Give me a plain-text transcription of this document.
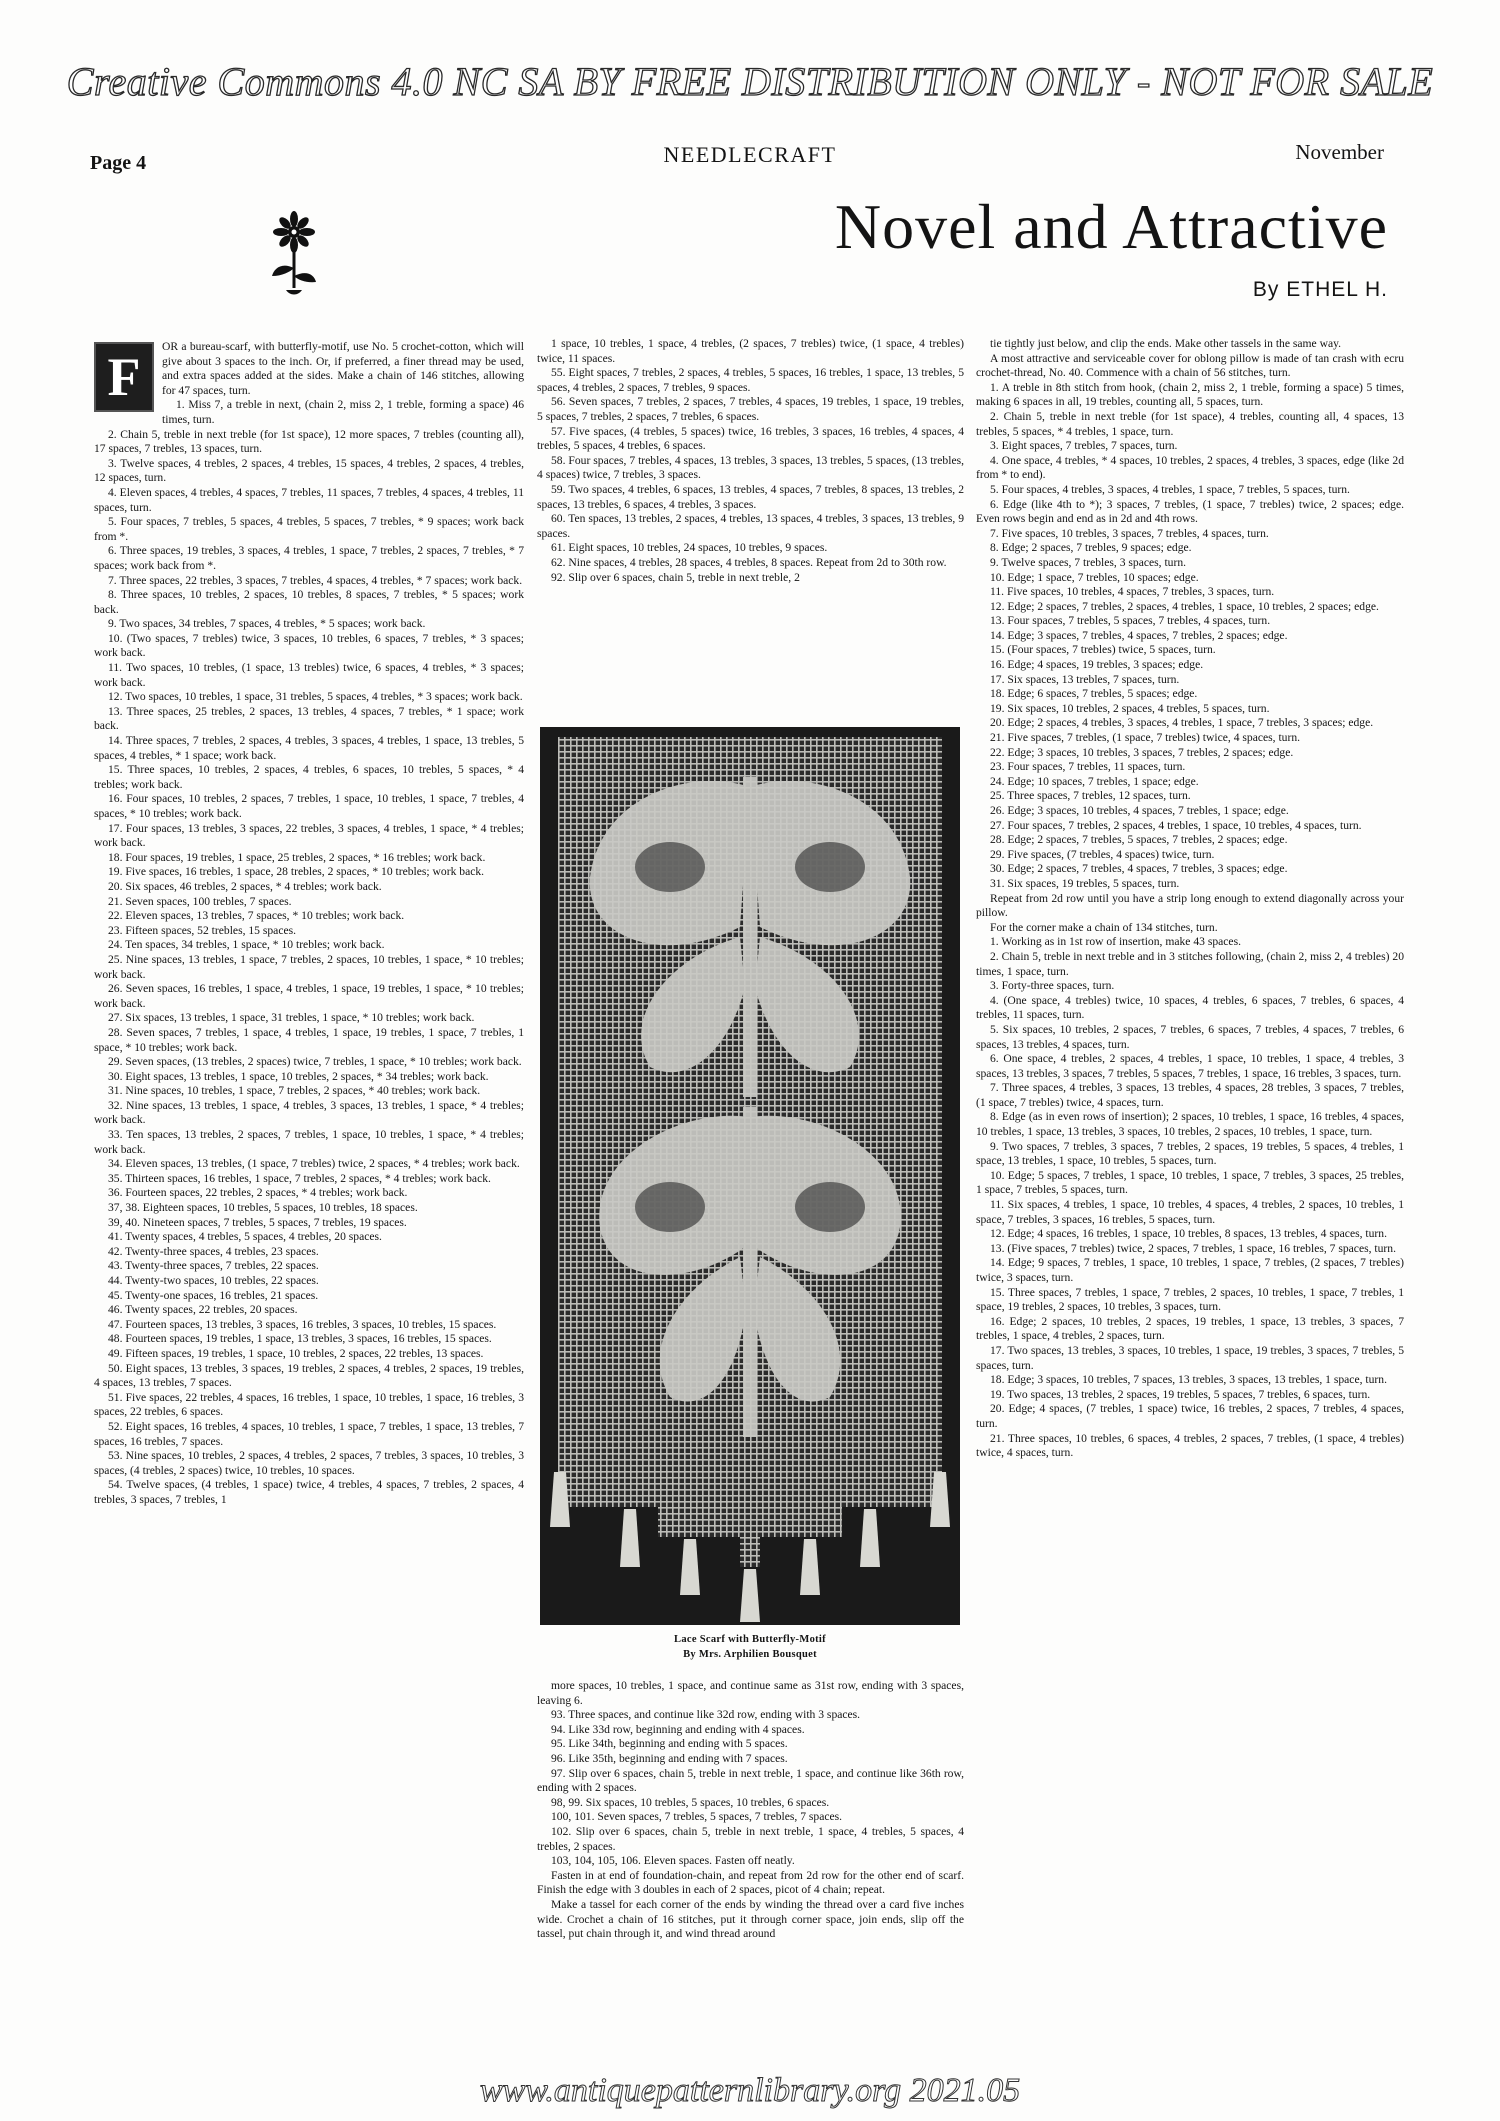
Creative Commons 4.0 NC SA BY FREE DISTRIBUTION ONLY - NOT FOR SALE
Page 4	NEEDLECRAFT	November
Novel and Attractive
By ETHEL H.

F
OR a bureau-scarf, with butterfly-motif, use No. 5 crochet-cotton, which will give about 3 spaces to the inch. Or, if preferred, a finer thread may be used, and extra spaces added at the sides. Make a chain of 146 stitches, allowing for 47 spaces, turn.

1. Miss 7, a treble in next, (chain 2, miss 2, 1 treble, forming a space) 46 times, turn.

2. Chain 5, treble in next treble (for 1st space), 12 more spaces, 7 trebles (counting all), 17 spaces, 7 trebles, 13 spaces, turn.

3. Twelve spaces, 4 trebles, 2 spaces, 4 trebles, 15 spaces, 4 trebles, 2 spaces, 4 trebles, 12 spaces, turn.

4. Eleven spaces, 4 trebles, 4 spaces, 7 trebles, 11 spaces, 7 trebles, 4 spaces, 4 trebles, 11 spaces, turn.

5. Four spaces, 7 trebles, 5 spaces, 4 trebles, 5 spaces, 7 trebles, * 9 spaces; work back from *.

6. Three spaces, 19 trebles, 3 spaces, 4 trebles, 1 space, 7 trebles, 2 spaces, 7 trebles, * 7 spaces; work back from *.

7. Three spaces, 22 trebles, 3 spaces, 7 trebles, 4 spaces, 4 trebles, * 7 spaces; work back.

8. Three spaces, 10 trebles, 2 spaces, 10 trebles, 8 spaces, 7 trebles, * 5 spaces; work back.

9. Two spaces, 34 trebles, 7 spaces, 4 trebles, * 5 spaces; work back.

10. (Two spaces, 7 trebles) twice, 3 spaces, 10 trebles, 6 spaces, 7 trebles, * 3 spaces; work back.

11. Two spaces, 10 trebles, (1 space, 13 trebles) twice, 6 spaces, 4 trebles, * 3 spaces; work back.

12. Two spaces, 10 trebles, 1 space, 31 trebles, 5 spaces, 4 trebles, * 3 spaces; work back.

13. Three spaces, 25 trebles, 2 spaces, 13 trebles, 4 spaces, 7 trebles, * 1 space; work back.

14. Three spaces, 7 trebles, 2 spaces, 4 trebles, 3 spaces, 4 trebles, 1 space, 13 trebles, 5 spaces, 4 trebles, * 1 space; work back.

15. Three spaces, 10 trebles, 2 spaces, 4 trebles, 6 spaces, 10 trebles, 5 spaces, * 4 trebles; work back.

16. Four spaces, 10 trebles, 2 spaces, 7 trebles, 1 space, 10 trebles, 1 space, 7 trebles, 4 spaces, * 10 trebles; work back.

17. Four spaces, 13 trebles, 3 spaces, 22 trebles, 3 spaces, 4 trebles, 1 space, * 4 trebles; work back.

18. Four spaces, 19 trebles, 1 space, 25 trebles, 2 spaces, * 16 trebles; work back.

19. Five spaces, 16 trebles, 1 space, 28 trebles, 2 spaces, * 10 trebles; work back.

20. Six spaces, 46 trebles, 2 spaces, * 4 trebles; work back.

21. Seven spaces, 100 trebles, 7 spaces.

22. Eleven spaces, 13 trebles, 7 spaces, * 10 trebles; work back.

23. Fifteen spaces, 52 trebles, 15 spaces.

24. Ten spaces, 34 trebles, 1 space, * 10 trebles; work back.

25. Nine spaces, 13 trebles, 1 space, 7 trebles, 2 spaces, 10 trebles, 1 space, * 10 trebles; work back.

26. Seven spaces, 16 trebles, 1 space, 4 trebles, 1 space, 19 trebles, 1 space, * 10 trebles; work back.

27. Six spaces, 13 trebles, 1 space, 31 trebles, 1 space, * 10 trebles; work back.

28. Seven spaces, 7 trebles, 1 space, 4 trebles, 1 space, 19 trebles, 1 space, 7 trebles, 1 space, * 10 trebles; work back.

29. Seven spaces, (13 trebles, 2 spaces) twice, 7 trebles, 1 space, * 10 trebles; work back.

30. Eight spaces, 13 trebles, 1 space, 10 trebles, 2 spaces, * 34 trebles; work back.

31. Nine spaces, 10 trebles, 1 space, 7 trebles, 2 spaces, * 40 trebles; work back.

32. Nine spaces, 13 trebles, 1 space, 4 trebles, 3 spaces, 13 trebles, 1 space, * 4 trebles; work back.

33. Ten spaces, 13 trebles, 2 spaces, 7 trebles, 1 space, 10 trebles, 1 space, * 4 trebles; work back.

34. Eleven spaces, 13 trebles, (1 space, 7 trebles) twice, 2 spaces, * 4 trebles; work back.

35. Thirteen spaces, 16 trebles, 1 space, 7 trebles, 2 spaces, * 4 trebles; work back.

36. Fourteen spaces, 22 trebles, 2 spaces, * 4 trebles; work back.

37, 38. Eighteen spaces, 10 trebles, 5 spaces, 10 trebles, 18 spaces.

39, 40. Nineteen spaces, 7 trebles, 5 spaces, 7 trebles, 19 spaces.

41. Twenty spaces, 4 trebles, 5 spaces, 4 trebles, 20 spaces.

42. Twenty-three spaces, 4 trebles, 23 spaces.

43. Twenty-three spaces, 7 trebles, 22 spaces.

44. Twenty-two spaces, 10 trebles, 22 spaces.

45. Twenty-one spaces, 16 trebles, 21 spaces.

46. Twenty spaces, 22 trebles, 20 spaces.

47. Fourteen spaces, 13 trebles, 3 spaces, 16 trebles, 3 spaces, 10 trebles, 15 spaces.

48. Fourteen spaces, 19 trebles, 1 space, 13 trebles, 3 spaces, 16 trebles, 15 spaces.

49. Fifteen spaces, 19 trebles, 1 space, 10 trebles, 2 spaces, 22 trebles, 13 spaces.

50. Eight spaces, 13 trebles, 3 spaces, 19 trebles, 2 spaces, 4 trebles, 2 spaces, 19 trebles, 4 spaces, 13 trebles, 7 spaces.

51. Five spaces, 22 trebles, 4 spaces, 16 trebles, 1 space, 10 trebles, 1 space, 16 trebles, 3 spaces, 22 trebles, 6 spaces.

52. Eight spaces, 16 trebles, 4 spaces, 10 trebles, 1 space, 7 trebles, 1 space, 13 trebles, 7 spaces, 16 trebles, 7 spaces.

53. Nine spaces, 10 trebles, 2 spaces, 4 trebles, 2 spaces, 7 trebles, 3 spaces, 10 trebles, 3 spaces, (4 trebles, 2 spaces) twice, 10 trebles, 10 spaces.

54. Twelve spaces, (4 trebles, 1 space) twice, 4 trebles, 4 spaces, 7 trebles, 2 spaces, 4 trebles, 3 spaces, 7 trebles, 1

1 space, 10 trebles, 1 space, 4 trebles, (2 spaces, 7 trebles) twice, (1 space, 4 trebles) twice, 11 spaces.

55. Eight spaces, 7 trebles, 2 spaces, 4 trebles, 5 spaces, 16 trebles, 1 space, 13 trebles, 5 spaces, 4 trebles, 2 spaces, 7 trebles, 9 spaces.

56. Seven spaces, 7 trebles, 2 spaces, 7 trebles, 4 spaces, 19 trebles, 1 space, 19 trebles, 5 spaces, 7 trebles, 2 spaces, 7 trebles, 6 spaces.

57. Five spaces, (4 trebles, 5 spaces) twice, 16 trebles, 3 spaces, 16 trebles, 4 spaces, 4 trebles, 5 spaces, 4 trebles, 6 spaces.

58. Four spaces, 7 trebles, 4 spaces, 13 trebles, 3 spaces, 13 trebles, 5 spaces, (13 trebles, 4 spaces) twice, 7 trebles, 3 spaces.

59. Two spaces, 4 trebles, 6 spaces, 13 trebles, 4 spaces, 7 trebles, 8 spaces, 13 trebles, 2 spaces, 13 trebles, 6 spaces, 4 trebles, 3 spaces.

60. Ten spaces, 13 trebles, 2 spaces, 4 trebles, 13 spaces, 4 trebles, 3 spaces, 13 trebles, 9 spaces.

61. Eight spaces, 10 trebles, 24 spaces, 10 trebles, 9 spaces.

62. Nine spaces, 4 trebles, 28 spaces, 4 trebles, 8 spaces. Repeat from 2d to 30th row.

92. Slip over 6 spaces, chain 5, treble in next treble, 2

Lace Scarf with Butterfly-Motif
By Mrs. Arphilien Bousquet

more spaces, 10 trebles, 1 space, and continue same as 31st row, ending with 3 spaces, leaving 6.

93. Three spaces, and continue like 32d row, ending with 3 spaces.

94. Like 33d row, beginning and ending with 4 spaces.

95. Like 34th, beginning and ending with 5 spaces.

96. Like 35th, beginning and ending with 7 spaces.

97. Slip over 6 spaces, chain 5, treble in next treble, 1 space, and continue like 36th row, ending with 2 spaces.

98, 99. Six spaces, 10 trebles, 5 spaces, 10 trebles, 6 spaces.

100, 101. Seven spaces, 7 trebles, 5 spaces, 7 trebles, 7 spaces.

102. Slip over 6 spaces, chain 5, treble in next treble, 1 space, 4 trebles, 5 spaces, 4 trebles, 2 spaces.

103, 104, 105, 106. Eleven spaces. Fasten off neatly.

Fasten in at end of foundation-chain, and repeat from 2d row for the other end of scarf. Finish the edge with 3 doubles in each of 2 spaces, picot of 4 chain; repeat.

Make a tassel for each corner of the ends by winding the thread over a card five inches wide. Crochet a chain of 16 stitches, put it through corner space, join ends, slip off the tassel, put chain through it, and wind thread around

tie tightly just below, and clip the ends. Make other tassels in the same way.

A most attractive and serviceable cover for oblong pillow is made of tan crash with ecru crochet-thread, No. 40. Commence with a chain of 56 stitches, turn.

1. A treble in 8th stitch from hook, (chain 2, miss 2, 1 treble, forming a space) 5 times, making 6 spaces in all, 19 trebles, counting all, 5 spaces, turn.

2. Chain 5, treble in next treble (for 1st space), 4 trebles, counting all, 4 spaces, 13 trebles, 5 spaces, * 4 trebles, 1 space, turn.

3. Eight spaces, 7 trebles, 7 spaces, turn.

4. One space, 4 trebles, * 4 spaces, 10 trebles, 2 spaces, 4 trebles, 3 spaces, edge (like 2d from * to end).

5. Four spaces, 4 trebles, 3 spaces, 4 trebles, 1 space, 7 trebles, 5 spaces, turn.

6. Edge (like 4th to *); 3 spaces, 7 trebles, (1 space, 7 trebles) twice, 2 spaces; edge. Even rows begin and end as in 2d and 4th rows.

7. Five spaces, 10 trebles, 3 spaces, 7 trebles, 4 spaces, turn.

8. Edge; 2 spaces, 7 trebles, 9 spaces; edge.

9. Twelve spaces, 7 trebles, 3 spaces, turn.

10. Edge; 1 space, 7 trebles, 10 spaces; edge.

11. Five spaces, 10 trebles, 4 spaces, 7 trebles, 3 spaces, turn.

12. Edge; 2 spaces, 7 trebles, 2 spaces, 4 trebles, 1 space, 10 trebles, 2 spaces; edge.

13. Four spaces, 7 trebles, 5 spaces, 7 trebles, 4 spaces, turn.

14. Edge; 3 spaces, 7 trebles, 4 spaces, 7 trebles, 2 spaces; edge.

15. (Four spaces, 7 trebles) twice, 5 spaces, turn.

16. Edge; 4 spaces, 19 trebles, 3 spaces; edge.

17. Six spaces, 13 trebles, 7 spaces, turn.

18. Edge; 6 spaces, 7 trebles, 5 spaces; edge.

19. Six spaces, 10 trebles, 2 spaces, 4 trebles, 5 spaces, turn.

20. Edge; 2 spaces, 4 trebles, 3 spaces, 4 trebles, 1 space, 7 trebles, 3 spaces; edge.

21. Five spaces, 7 trebles, (1 space, 7 trebles) twice, 4 spaces, turn.

22. Edge; 3 spaces, 10 trebles, 3 spaces, 7 trebles, 2 spaces; edge.

23. Four spaces, 7 trebles, 11 spaces, turn.

24. Edge; 10 spaces, 7 trebles, 1 space; edge.

25. Three spaces, 7 trebles, 12 spaces, turn.

26. Edge; 3 spaces, 10 trebles, 4 spaces, 7 trebles, 1 space; edge.

27. Four spaces, 7 trebles, 2 spaces, 4 trebles, 1 space, 10 trebles, 4 spaces, turn.

28. Edge; 2 spaces, 7 trebles, 5 spaces, 7 trebles, 2 spaces; edge.

29. Five spaces, (7 trebles, 4 spaces) twice, turn.

30. Edge; 2 spaces, 7 trebles, 4 spaces, 7 trebles, 3 spaces; edge.

31. Six spaces, 19 trebles, 5 spaces, turn.

Repeat from 2d row until you have a strip long enough to extend diagonally across your pillow.

For the corner make a chain of 134 stitches, turn.

1. Working as in 1st row of insertion, make 43 spaces.

2. Chain 5, treble in next treble and in 3 stitches following, (chain 2, miss 2, 4 trebles) 20 times, 1 space, turn.

3. Forty-three spaces, turn.

4. (One space, 4 trebles) twice, 10 spaces, 4 trebles, 6 spaces, 7 trebles, 6 spaces, 4 trebles, 11 spaces, turn.

5. Six spaces, 10 trebles, 2 spaces, 7 trebles, 6 spaces, 7 trebles, 4 spaces, 7 trebles, 6 spaces, 13 trebles, 4 spaces, turn.

6. One space, 4 trebles, 2 spaces, 4 trebles, 1 space, 10 trebles, 1 space, 4 trebles, 3 spaces, 13 trebles, 3 spaces, 7 trebles, 5 spaces, 7 trebles, 1 space, 16 trebles, 3 spaces, turn.

7. Three spaces, 4 trebles, 3 spaces, 13 trebles, 4 spaces, 28 trebles, 3 spaces, 7 trebles, (1 space, 7 trebles) twice, 4 spaces, turn.

8. Edge (as in even rows of insertion); 2 spaces, 10 trebles, 1 space, 16 trebles, 4 spaces, 10 trebles, 1 space, 13 trebles, 3 spaces, 10 trebles, 2 spaces, 10 trebles, 1 space, turn.

9. Two spaces, 7 trebles, 3 spaces, 7 trebles, 2 spaces, 19 trebles, 5 spaces, 4 trebles, 1 space, 13 trebles, 1 space, 10 trebles, 5 spaces, turn.

10. Edge; 5 spaces, 7 trebles, 1 space, 10 trebles, 1 space, 7 trebles, 3 spaces, 25 trebles, 1 space, 7 trebles, 5 spaces, turn.

11. Six spaces, 4 trebles, 1 space, 10 trebles, 4 spaces, 4 trebles, 2 spaces, 10 trebles, 1 space, 7 trebles, 3 spaces, 16 trebles, 5 spaces, turn.

12. Edge; 4 spaces, 16 trebles, 1 space, 10 trebles, 8 spaces, 13 trebles, 4 spaces, turn.

13. (Five spaces, 7 trebles) twice, 2 spaces, 7 trebles, 1 space, 16 trebles, 7 spaces, turn.

14. Edge; 9 spaces, 7 trebles, 1 space, 10 trebles, 1 space, 7 trebles, (2 spaces, 7 trebles) twice, 3 spaces, turn.

15. Three spaces, 7 trebles, 1 space, 7 trebles, 2 spaces, 10 trebles, 1 space, 7 trebles, 1 space, 19 trebles, 2 spaces, 10 trebles, 3 spaces, turn.

16. Edge; 2 spaces, 10 trebles, 2 spaces, 19 trebles, 1 space, 13 trebles, 3 spaces, 7 trebles, 1 space, 4 trebles, 2 spaces, turn.

17. Two spaces, 13 trebles, 3 spaces, 10 trebles, 1 space, 19 trebles, 3 spaces, 7 trebles, 5 spaces, turn.

18. Edge; 3 spaces, 10 trebles, 7 spaces, 13 trebles, 3 spaces, 13 trebles, 1 space, turn.

19. Two spaces, 13 trebles, 2 spaces, 19 trebles, 5 spaces, 7 trebles, 6 spaces, turn.

20. Edge; 4 spaces, (7 trebles, 1 space) twice, 16 trebles, 2 spaces, 7 trebles, 4 spaces, turn.

21. Three spaces, 10 trebles, 6 spaces, 4 trebles, 2 spaces, 7 trebles, (1 space, 4 trebles) twice, 4 spaces, turn.

www.antiquepatternlibrary.org 2021.05
